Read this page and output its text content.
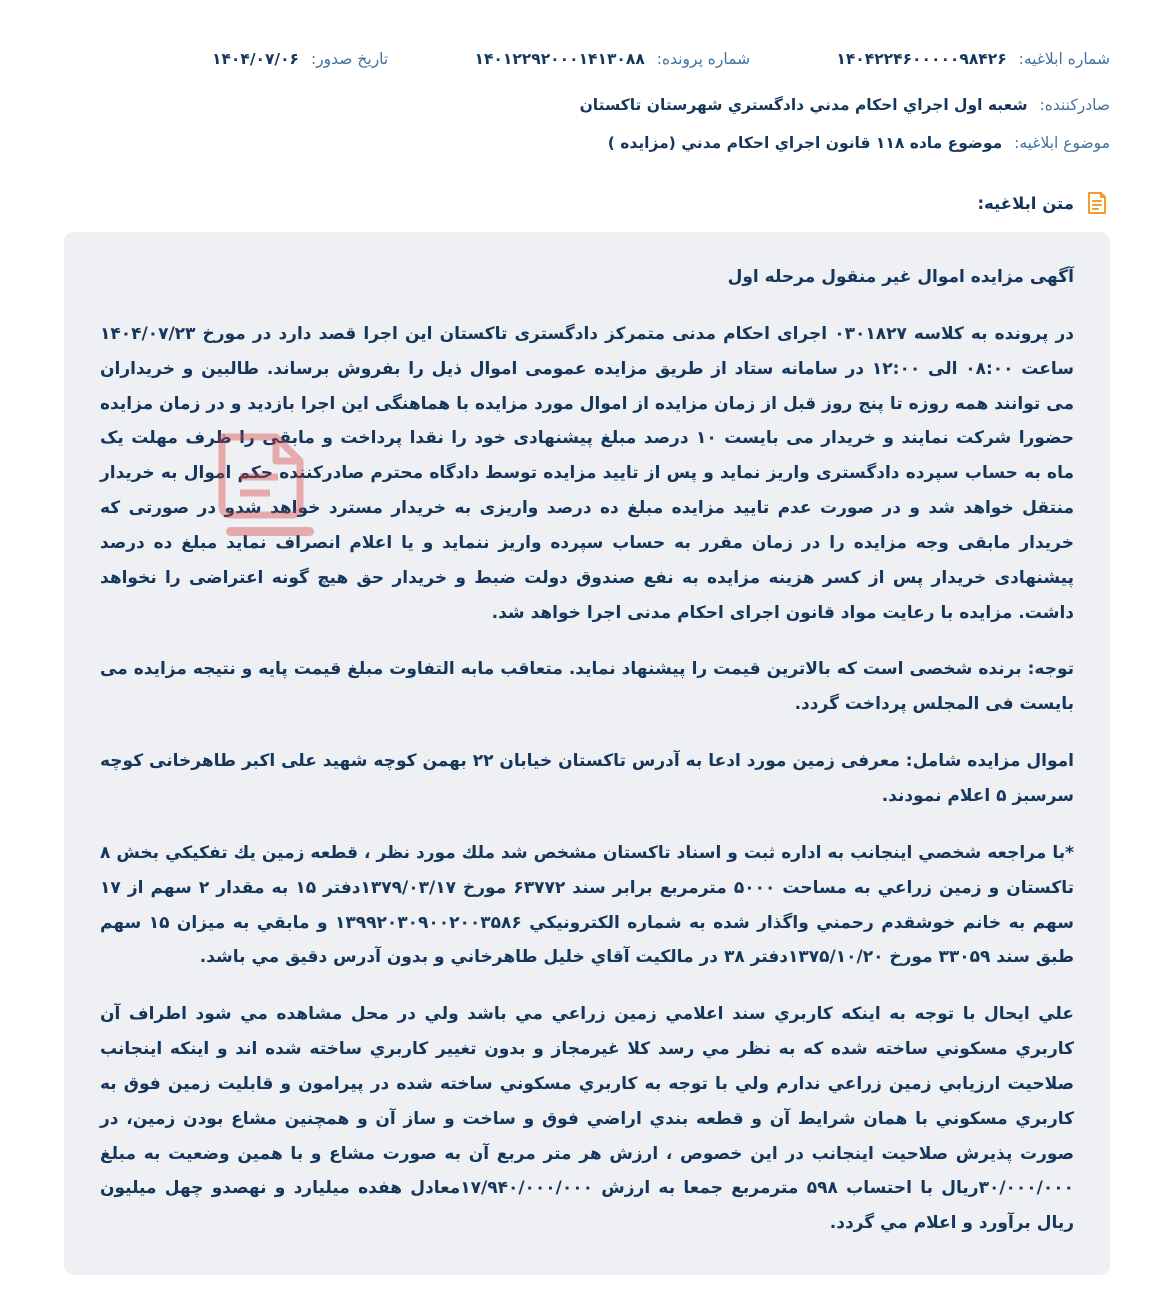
شماره ابلاغیه: ۱۴۰۴۲۲۴۶۰۰۰۰۰۹۸۴۲۶
شماره پرونده: ۱۴۰۱۲۲۹۲۰۰۰۱۴۱۳۰۸۸
تاریخ صدور: ۱۴۰۴/۰۷/۰۶
صادرکننده: شعبه اول اجراي احکام مدني دادگستري شهرستان تاکستان
موضوع ابلاغیه: موضوع ماده ۱۱۸ قانون اجراي احکام مدني (مزایده )
متن ابلاغیه:

آگهی مزایده اموال غیر منقول مرحله اول

در پرونده به کلاسه ۰۳۰۱۸۲۷ اجرای احکام مدنی متمرکز دادگستری تاکستان این اجرا قصد دارد در مورخ ۱۴۰۴/۰۷/۲۳ ساعت ۰۸:۰۰ الی ۱۲:۰۰ در سامانه ستاد از طریق مزایده عمومی اموال ذیل را بفروش برساند. طالبین و خریداران می توانند همه روزه تا پنج روز قبل از زمان مزایده از اموال مورد مزایده با هماهنگی این اجرا بازدید و در زمان مزایده حضورا شرکت نمایند و خریدار می بایست ۱۰ درصد مبلغ پیشنهادی خود را نقدا پرداخت و مابقی را ظرف مهلت یک ماه به حساب سپرده دادگستری واریز نماید و پس از تایید مزایده توسط دادگاه محترم صادرکننده حکم اموال به خریدار منتقل خواهد شد و در صورت عدم تایید مزایده مبلغ ده درصد واریزی به خریدار مسترد خواهد شدو در صورتی که خریدار مابقی وجه مزایده را در زمان مقرر به حساب سپرده واریز ننماید و یا اعلام انصراف نماید مبلغ ده درصد پیشنهادی خریدار پس از کسر هزینه مزایده به نفع صندوق دولت ضبط و خریدار حق هیچ گونه اعتراضی را نخواهد داشت. مزایده با رعایت مواد قانون اجرای احکام مدنی اجرا خواهد شد.

توجه: برنده شخصی است که بالاترین قیمت را پیشنهاد نماید. متعاقب مابه التفاوت مبلغ قیمت پایه و نتیجه مزایده می بایست فی المجلس پرداخت گردد.

اموال مزایده شامل: معرفی زمین مورد ادعا به آدرس تاکستان خیابان ۲۲ بهمن کوچه شهید علی اکبر طاهرخانی کوچه سرسبز ۵ اعلام نمودند.

*با مراجعه شخصي اينجانب به اداره ثبت و اسناد تاکستان مشخص شد ملك مورد نظر ، قطعه زمین يك تفکيکي بخش ۸ تاکستان و زمین زراعي به مساحت ۵۰۰۰ مترمربع برابر سند ۶۳۷۷۲ مورخ ۱۳۷۹/۰۳/۱۷دفتر ۱۵ به مقدار ۲ سهم از ۱۷ سهم به خانم خوشقدم رحمني واگذار شده به شماره الکترونيکي ۱۳۹۹۲۰۳۰۹۰۰۲۰۰۳۵۸۶ و مابقي به میزان ۱۵ سهم طبق سند ۳۳۰۵۹ مورخ ۱۳۷۵/۱۰/۲۰دفتر ۳۸ در مالکیت آقاي خليل طاهرخاني و بدون آدرس دقیق مي باشد.

علي ايحال با توجه به اينکه کاربري سند اعلامي زمين زراعي مي باشد ولي در محل مشاهده مي شود اطراف آن کاربري مسکوني ساخته شده که به نظر مي رسد کلا غیرمجاز و بدون تغيير کاربري ساخته شده اند و اينکه اينجانب صلاحیت ارزيابي زمين زراعي ندارم ولي با توجه به کاربري مسکوني ساخته شده در پيرامون و قابلیت زمین فوق به کاربري مسکوني با همان شرايط آن و قطعه بندي اراضي فوق و ساخت و ساز آن و همچنین مشاع بودن زمین، در صورت پذيرش صلاحیت اينجانب در اين خصوص ، ارزش هر متر مربع آن به صورت مشاع و با همین وضعیت به مبلغ ۳۰/۰۰۰/۰۰۰ريال با احتساب ۵۹۸ مترمربع جمعا به ارزش ۱۷/۹۴۰/۰۰۰/۰۰۰معادل هفده میلیارد و نهصدو چهل میلیون ریال برآورد و اعلام مي گردد.
